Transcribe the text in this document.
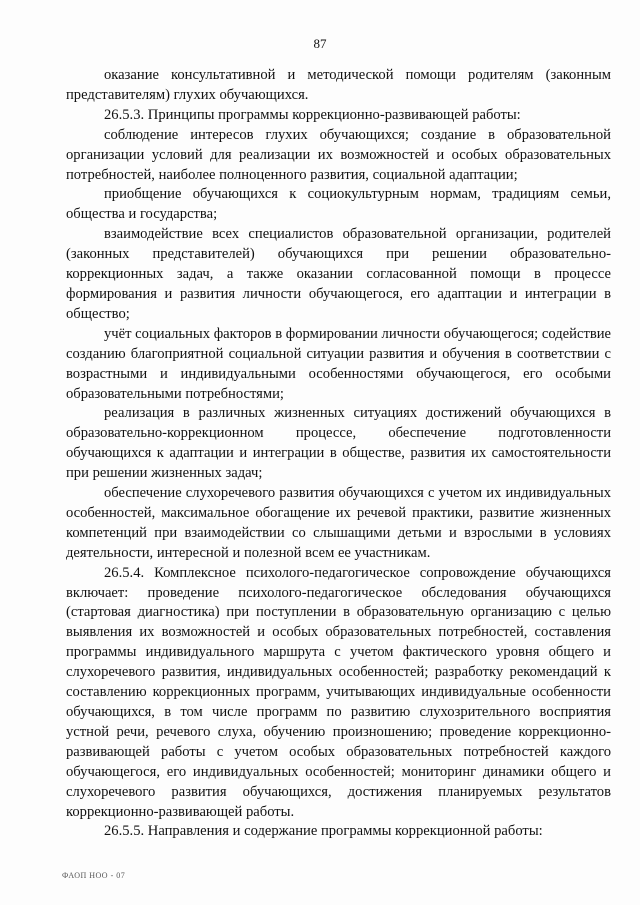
87

оказание консультативной и методической помощи родителям (законным представителям) глухих обучающихся.

26.5.3. Принципы программы коррекционно-развивающей работы:

соблюдение интересов глухих обучающихся; создание в образовательной организации условий для реализации их возможностей и особых образовательных потребностей, наиболее полноценного развития, социальной адаптации;

приобщение обучающихся к социокультурным нормам, традициям семьи, общества и государства;

взаимодействие всех специалистов образовательной организации, родителей (законных представителей) обучающихся при решении образовательно-коррекционных задач, а также оказании согласованной помощи в процессе формирования и развития личности обучающегося, его адаптации и интеграции в общество;

учёт социальных факторов в формировании личности обучающегося; содействие созданию благоприятной социальной ситуации развития и обучения в соответствии с возрастными и индивидуальными особенностями обучающегося, его особыми образовательными потребностями;

реализация в различных жизненных ситуациях достижений обучающихся в образовательно-коррекционном процессе, обеспечение подготовленности обучающихся к адаптации и интеграции в обществе, развития их самостоятельности при решении жизненных задач;

обеспечение слухоречевого развития обучающихся с учетом их индивидуальных особенностей, максимальное обогащение их речевой практики, развитие жизненных компетенций при взаимодействии со слышащими детьми и взрослыми в условиях деятельности, интересной и полезной всем ее участникам.

26.5.4. Комплексное психолого-педагогическое сопровождение обучающихся включает: проведение психолого-педагогическое обследования обучающихся (стартовая диагностика) при поступлении в образовательную организацию с целью выявления их возможностей и особых образовательных потребностей, составления программы индивидуального маршрута с учетом фактического уровня общего и слухоречевого развития, индивидуальных особенностей; разработку рекомендаций к составлению коррекционных программ, учитывающих индивидуальные особенности обучающихся, в том числе программ по развитию слухозрительного восприятия устной речи, речевого слуха, обучению произношению; проведение коррекционно-развивающей работы с учетом особых образовательных потребностей каждого обучающегося, его индивидуальных особенностей; мониторинг динамики общего и слухоречевого развития обучающихся, достижения планируемых результатов коррекционно-развивающей работы.

26.5.5. Направления и содержание программы коррекционной работы:

ФАОП НОО - 07
